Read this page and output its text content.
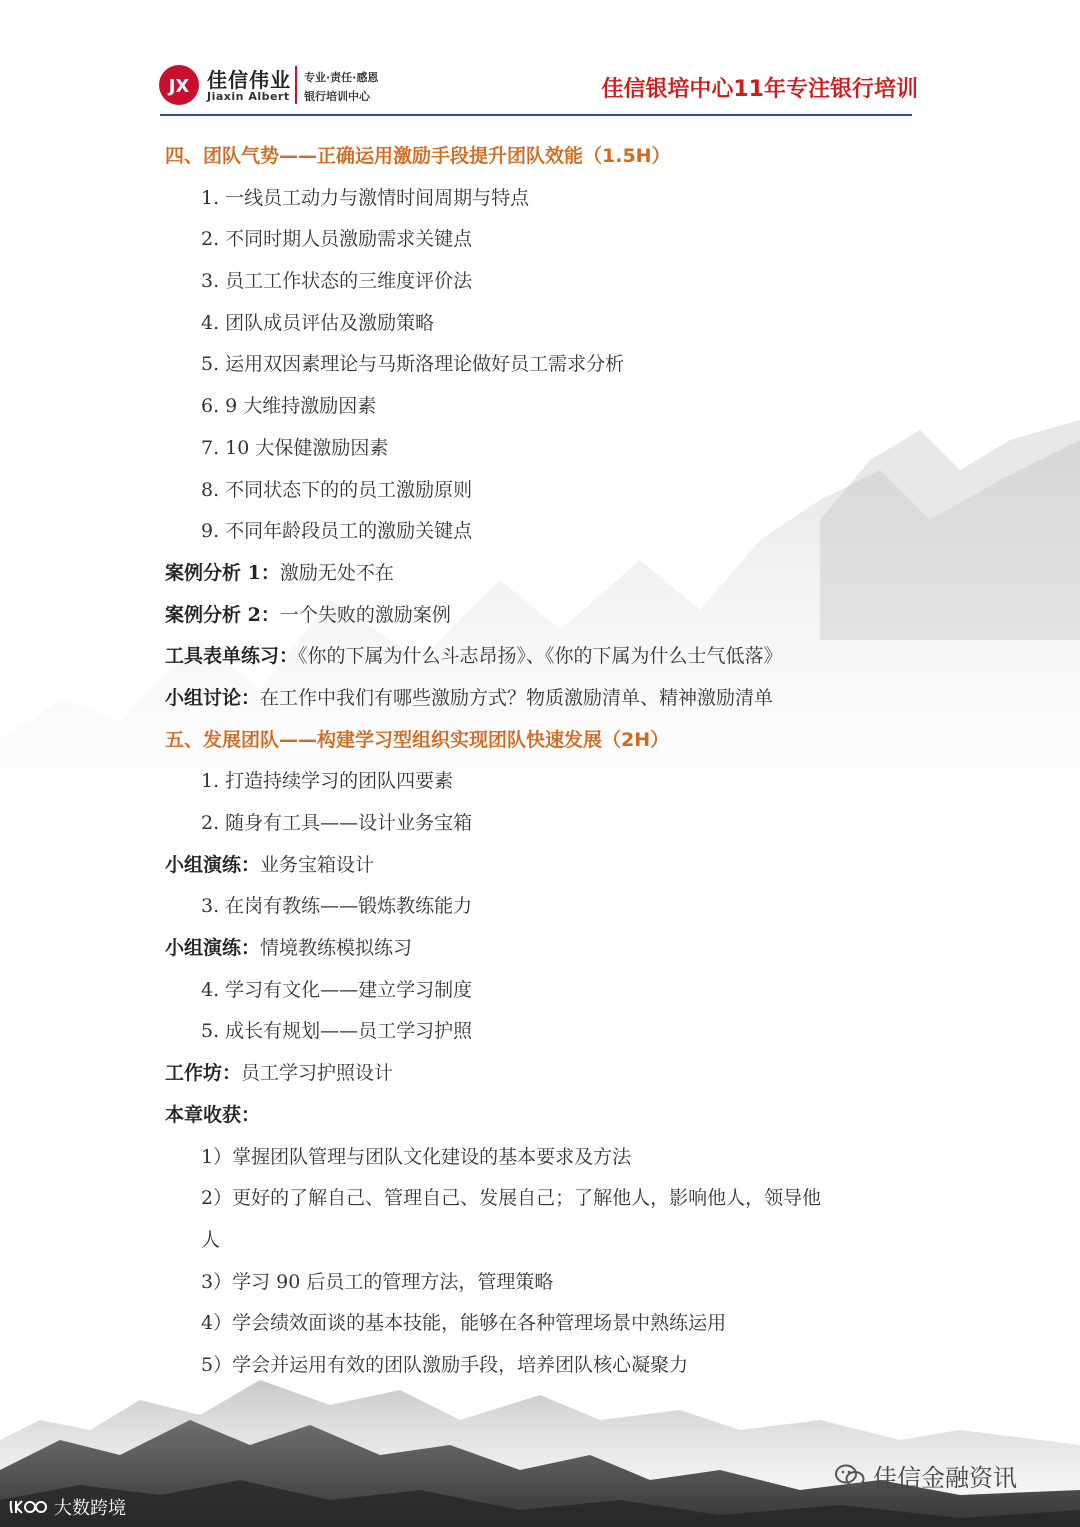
JX 佳信伟业
Jiaxin Albert
专业·责任·感恩
银行培训中心	佳信银培中心11年专注银行培训
四、团队气势——正确运用激励手段提升团队效能（1.5H）
1. 一线员工动力与激情时间周期与特点
2. 不同时期人员激励需求关键点
3. 员工工作状态的三维度评价法
4. 团队成员评估及激励策略
5. 运用双因素理论与马斯洛理论做好员工需求分析
6. 9 大维持激励因素
7. 10 大保健激励因素
8. 不同状态下的的员工激励原则
9. 不同年龄段员工的激励关键点
案例分析 1：激励无处不在
案例分析 2：一个失败的激励案例
工具表单练习：《你的下属为什么斗志昂扬》、《你的下属为什么士气低落》
小组讨论：在工作中我们有哪些激励方式？物质激励清单、精神激励清单
五、发展团队——构建学习型组织实现团队快速发展（2H）
1. 打造持续学习的团队四要素
2. 随身有工具——设计业务宝箱
小组演练：业务宝箱设计
3. 在岗有教练——锻炼教练能力
小组演练：情境教练模拟练习
4. 学习有文化——建立学习制度
5. 成长有规划——员工学习护照
工作坊：员工学习护照设计
本章收获：
1）掌握团队管理与团队文化建设的基本要求及方法
2）更好的了解自己、管理自己、发展自己；了解他人，影响他人，领导他
人
3）学习 90 后员工的管理方法，管理策略
4）学会绩效面谈的基本技能，能够在各种管理场景中熟练运用
5）学会并运用有效的团队激励手段，培养团队核心凝聚力
佳信金融资讯
大数跨境
